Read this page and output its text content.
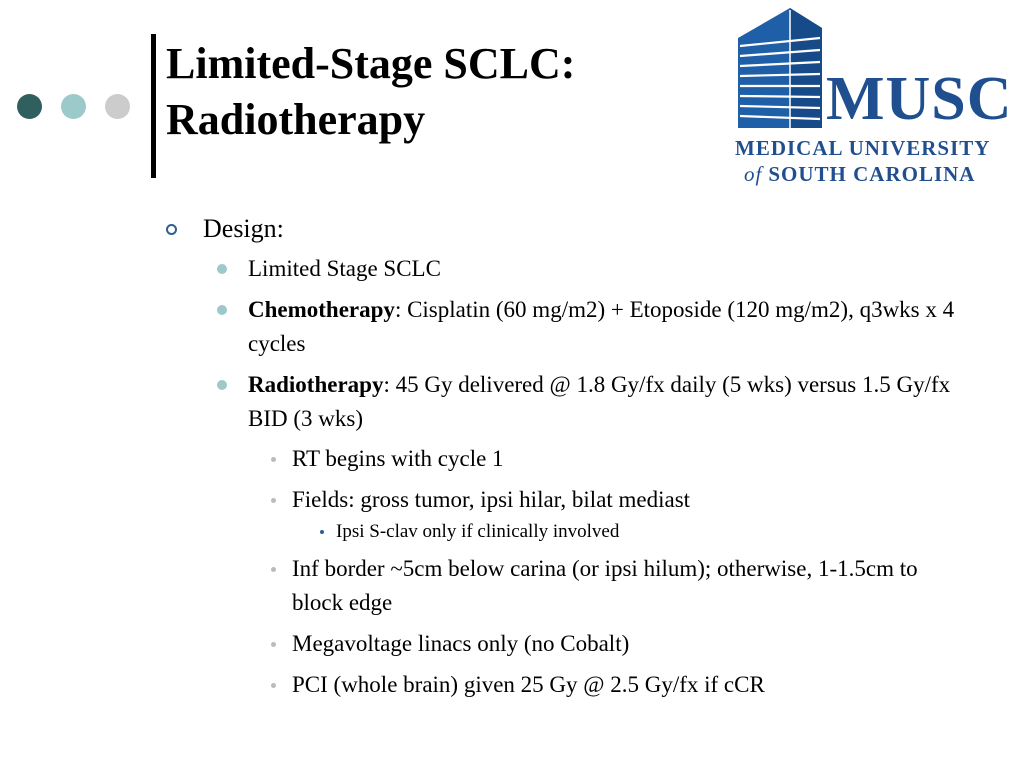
Limited-Stage SCLC:
Radiotherapy	MUSC
MEDICAL UNIVERSITY
of SOUTH CAROLINA
Design:
Limited Stage SCLC
Chemotherapy: Cisplatin (60 mg/m2) + Etoposide (120 mg/m2), q3wks x 4 cycles
Radiotherapy: 45 Gy delivered @ 1.8 Gy/fx daily (5 wks) versus 1.5 Gy/fx BID (3 wks)
RT begins with cycle 1
Fields: gross tumor, ipsi hilar, bilat mediast
Ipsi S-clav only if clinically involved
Inf border ~5cm below carina (or ipsi hilum); otherwise, 1-1.5cm to block edge
Megavoltage linacs only (no Cobalt)
PCI (whole brain) given 25 Gy @ 2.5 Gy/fx if cCR
